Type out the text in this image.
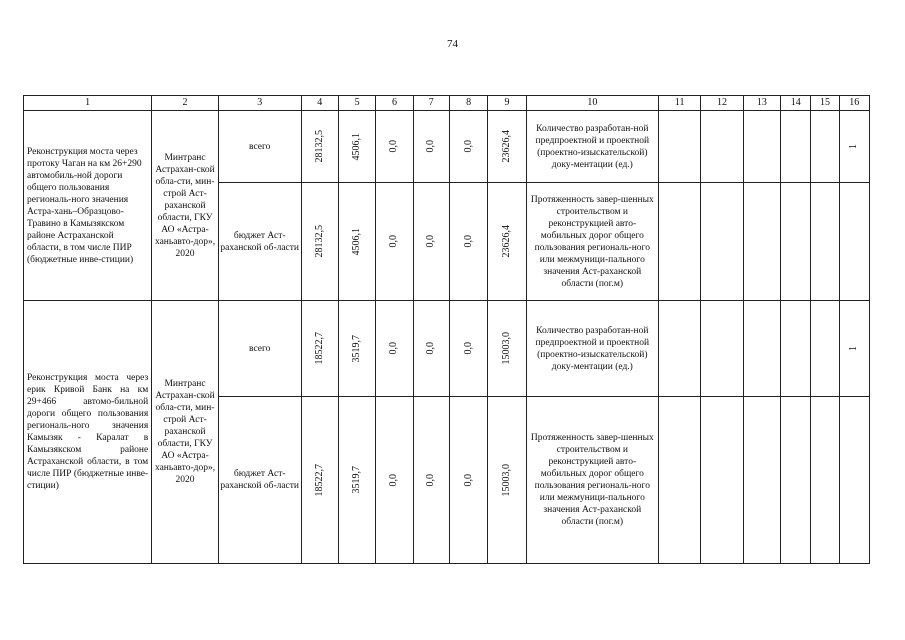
74
1	2	3	4	5	6	7	8	9	10	11	12	13	14	15	16
Реконструкция моста через протоку Чаган на км 26+290 автомобиль-ной дороги общего пользования региональ-ного значения Астра-хань–Образцово-Травино в Камызякском районе Астраханской области, в том числе ПИР (бюджетные инве-стиции)	Минтранс Астрахан-ской обла-сти, мин-строй Аст-раханской области, ГКУ АО «Астра-ханьавто-дор», 2020	всего	28132,5	4506,1	0,0	0,0	0,0	23626,4	Количество разработан-ной предпроектной и проектной (проектно-изыскательской) доку-ментации (ед.)						1

		бюджет Аст-раханской об-ласти	28132,5	4506,1	0,0	0,0	0,0	23626,4	Протяженность завер-шенных строительством и реконструкцией авто-мобильных дорог общего пользования региональ-ного или межмуници-пального значения Аст-раханской области (пог.м)						

Реконструкция моста через ерик Кривой Банк на км 29+466 автомо-бильной дороги общего пользования региональ-ного значения Камызяк - Каралат в Камызякском районе Астраханской области, в том числе ПИР (бюджетные инве-стиции)	Минтранс Астрахан-ской обла-сти, мин-строй Аст-раханской области, ГКУ АО «Астра-ханьавто-дор», 2020	всего	18522,7	3519,7	0,0	0,0	0,0	15003,0	Количество разработан-ной предпроектной и проектной (проектно-изыскательской) доку-ментации (ед.)						1

		бюджет Аст-раханской об-ласти	18522,7	3519,7	0,0	0,0	0,0	15003,0	Протяженность завер-шенных строительством и реконструкцией авто-мобильных дорог общего пользования региональ-ного или межмуници-пального значения Аст-раханской области (пог.м)						
